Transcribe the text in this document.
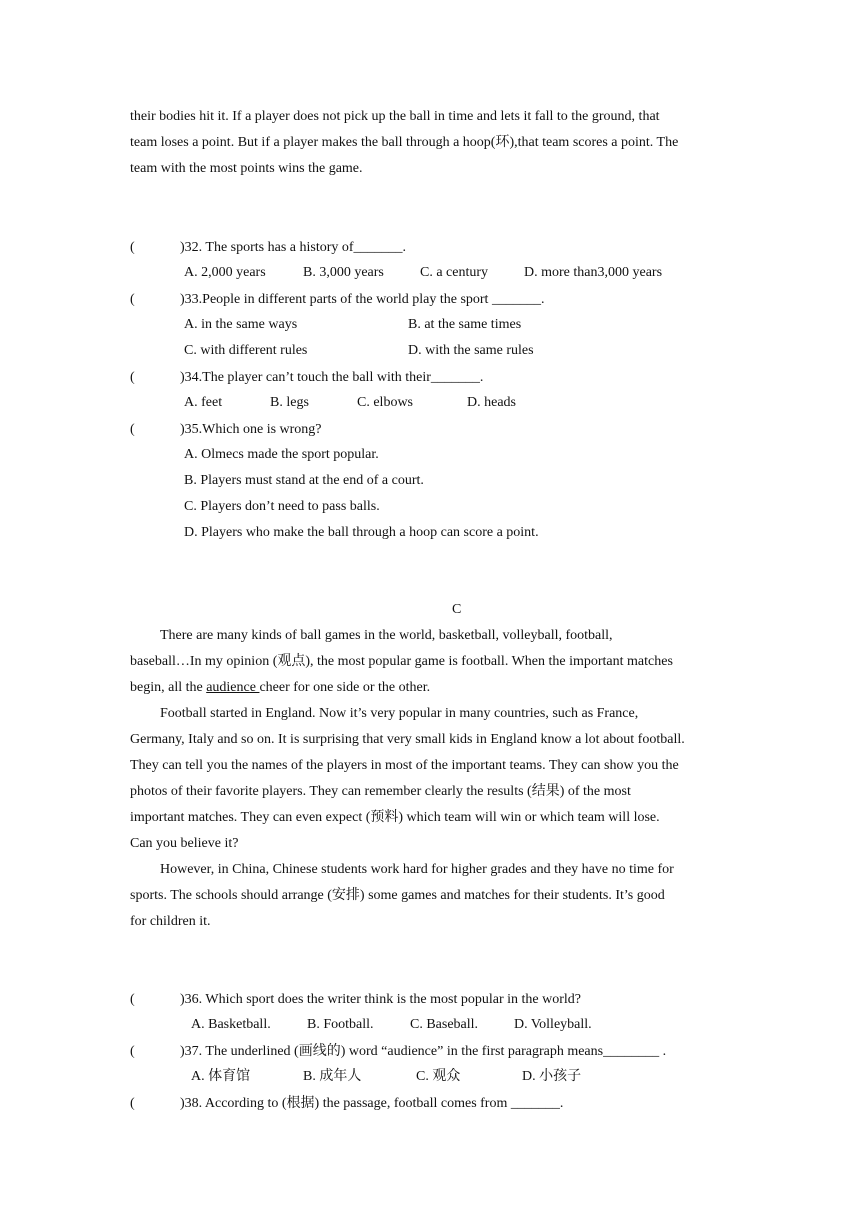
their bodies hit it. If a player does not pick up the ball in time and lets it fall to the ground, that
team loses a point. But if a player makes the ball through a hoop(环),that team scores a point. The
team with the most points wins the game.
(	)32. The sports has a history of_______.
A. 2,000 years	B. 3,000 years	C. a century	D. more than3,000 years
(	)33.People in different parts of the world play the sport _______.
A. in the same ways	B. at the same times
C. with different rules	D. with the same rules
(	)34.The player can’t touch the ball with their_______.
A. feet	B. legs	C. elbows	D. heads
(	)35.Which one is wrong?
A. Olmecs made the sport popular.
B. Players must stand at the end of a court.
C. Players don’t need to pass balls.
D. Players who make the ball through a hoop can score a point.
C
There are many kinds of ball games in the world, basketball, volleyball, football,
baseball…In my opinion (观点), the most popular game is football. When the important matches
begin, all the audience cheer for one side or the other.
Football started in England. Now it’s very popular in many countries, such as France,
Germany, Italy and so on. It is surprising that very small kids in England know a lot about football.
They can tell you the names of the players in most of the important teams. They can show you the
photos of their favorite players. They can remember clearly the results (结果) of the most
important matches. They can even expect (预料) which team will win or which team will lose.
Can you believe it?
However, in China, Chinese students work hard for higher grades and they have no time for
sports. The schools should arrange (安排) some games and matches for their students. It’s good
for children it.
(	)36. Which sport does the writer think is the most popular in the world?
A. Basketball.	B. Football.	C. Baseball.	D. Volleyball.
(	)37. The underlined (画线的) word “audience” in the first paragraph means________ .
A. 体育馆	B. 成年人	C. 观众	D. 小孩子
(	)38. According to (根据) the passage, football comes from _______.
